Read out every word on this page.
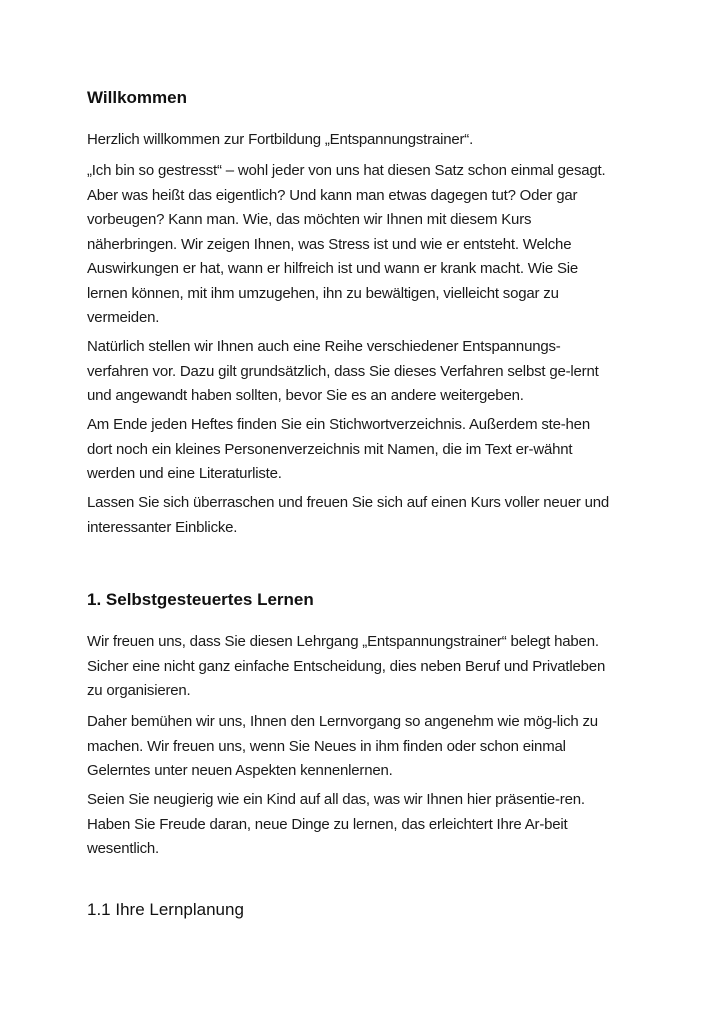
Willkommen

Herzlich willkommen zur Fortbildung „Entspannungstrainer“.

„Ich bin so gestresst“ – wohl jeder von uns hat diesen Satz schon einmal gesagt. Aber was heißt das eigentlich? Und kann man etwas dagegen tut? Oder gar vorbeugen? Kann man. Wie, das möchten wir Ihnen mit diesem Kurs näherbringen. Wir zeigen Ihnen, was Stress ist und wie er entsteht. Welche Auswirkungen er hat, wann er hilfreich ist und wann er krank macht. Wie Sie lernen können, mit ihm umzugehen, ihn zu bewältigen, vielleicht sogar zu vermeiden.

Natürlich stellen wir Ihnen auch eine Reihe verschiedener Entspannungs-verfahren vor. Dazu gilt grundsätzlich, dass Sie dieses Verfahren selbst ge-lernt und angewandt haben sollten, bevor Sie es an andere weitergeben.

Am Ende jeden Heftes finden Sie ein Stichwortverzeichnis. Außerdem ste-hen dort noch ein kleines Personenverzeichnis mit Namen, die im Text er-wähnt werden und eine Literaturliste.

Lassen Sie sich überraschen und freuen Sie sich auf einen Kurs voller neuer und interessanter Einblicke.

1. Selbstgesteuertes Lernen

Wir freuen uns, dass Sie diesen Lehrgang „Entspannungstrainer“ belegt haben. Sicher eine nicht ganz einfache Entscheidung, dies neben Beruf und Privatleben zu organisieren.

Daher bemühen wir uns, Ihnen den Lernvorgang so angenehm wie mög-lich zu machen. Wir freuen uns, wenn Sie Neues in ihm finden oder schon einmal Gelerntes unter neuen Aspekten kennenlernen.

Seien Sie neugierig wie ein Kind auf all das, was wir Ihnen hier präsentie-ren. Haben Sie Freude daran, neue Dinge zu lernen, das erleichtert Ihre Ar-beit wesentlich.

1.1 Ihre Lernplanung
